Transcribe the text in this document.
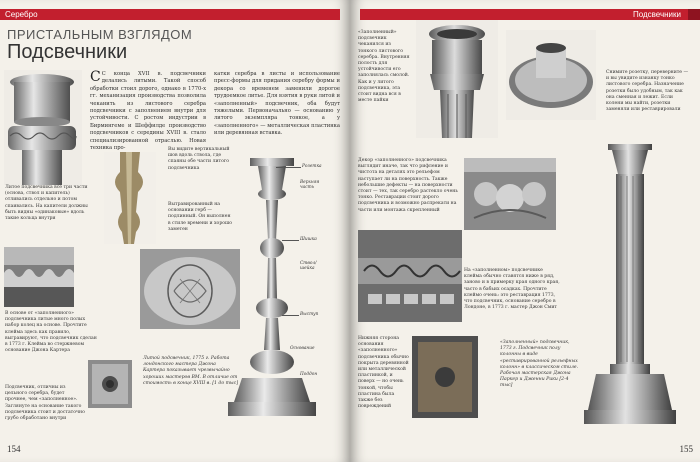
Серебро
ПРИСТАЛЬНЫМ ВЗГЛЯДОМ
Подсвечники
С С конца XVII в. подсвечники делались литыми. Такой способ обработки стоил дорого, однако в 1770-х гг. механизация производства позволила чеканить из листового серебра подсвечники с заполнением внутри для устойчивости. С ростом индустрии в Бирмингеме и Шеффилде производство подсвечников с середины XVIII в. стало специализированной отраслью. Новая техника про-
катки серебра в листы и использование пресс-формы для придания серебру формы и декора со временем заменили дорогое трудоемкое литье. Для взятия в руки литой и «заполненный» подсвечник, оба будут тяжелыми. Первоначально — основанию у литого экземпляра тонкое, а у «заполненного» — металлическая пластинка или деревянная вставка.
Литое подсвечника все три части (основа, ствол и капитель) отливались отдельно и потом спаивались. На капители должны быть видны «одинаковые» вдоль такие кольца внутри
Вы видите вертикальный шов вдоль ствола, где спаяны обе части литого подсвечника
Вытравированный на основании герб — подлинный. Он выполнен в стиле времени и хорошо заметен
В основе от «заполненного» подсвечника литые много полых набор колец на основе. Прочтите клейма здесь как правило, выгравируют, что подсвечник сделан в 1773 г. Клейма во стержневом основание Джона Картера
Подсвечник, отличны из цельного серебра, будет прочнее, чем «заполненное». Заглянуте на основание такого подсвечника стоит и достаточно грубо обработано внутри
Литой подсвечник, 1775 г. Работа лондонского мастера Джона Картера показывает чрезвычайно хороших мастеров ВМ. В отличие от стоимость в конце XVIII в. [1 до тыс]
Розетка
Верхняя часть
Шишка
Ствол/ шейка
Выступ
Основание
Поддон
154
Подсвечники
«Заполненный» подсвечник чеканился из тонкого листового серебра. Внутренняя полость для устойчивости его заполнялась смолой. Как и у литого подсвечника, эта стоит видна вся в месте пайки
Снимите розетку, переверните — и вы увидите изнанку тонко листового серебра. Назначение розетки было удобным, так как она сменная и лежит. Если колени мы найти, розетки заменяли или реставрировали
Декор «заполненного» подсвечника выглядит иначе, так что рифление и чистота на деталях это рельефом наступает ли на поверхность. Также небольшие дефекты — на поверхности стоит — тех, так серебро растекло очень тонко. Реставрации стоит дорого подсвечника и возможно распрекати на части или монтажа скрепленный
На «заполненном» подсвечнике клейма обычно ставятся ниже в ряд, заново и в примерку края одного края, часто в бабьих осадках. Прочтите клеймо очень: это реставрация 1773, что подсвечник, основание серебро в Лондоне, в 1773 г. мастер Джон Смит
Нижняя сторона основания «заполненного» подсвечника обычно покрыта деревянной или металлической пластинкой, и поверх — но очень тонкой, чтобы пластина была также без повреждений
«Заполненный» подсвечник, 1773 г. Подсвечник полу колонны в виде «реставрированной рельефных колонн» в классическом стиле. Рабочая мастерская Джона Паркер и Дженни Рики [2-4 тыс]
155
